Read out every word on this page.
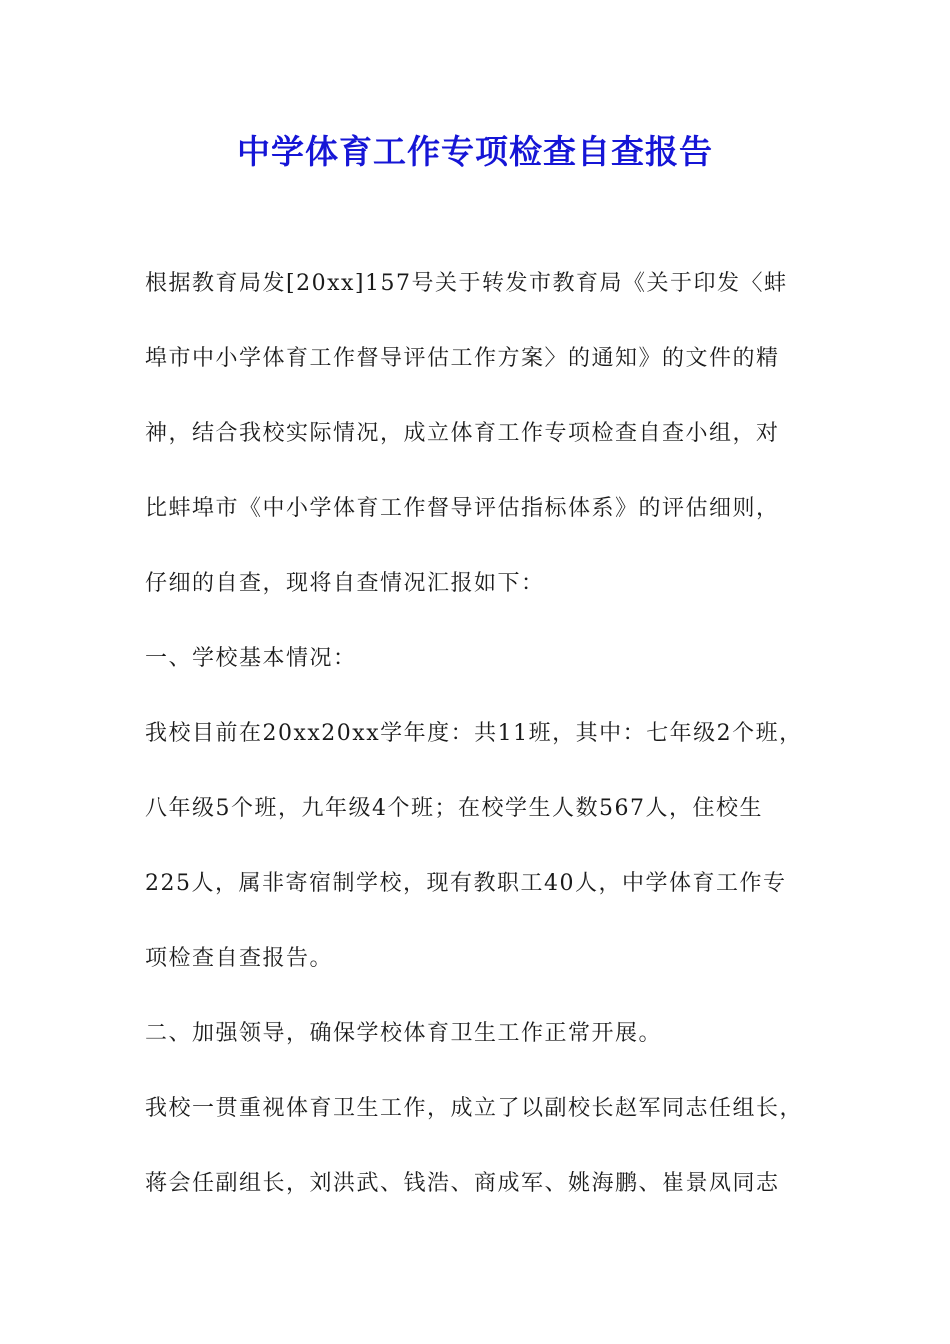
中学体育工作专项检查自查报告
根据教育局发[20xx]157号关于转发市教育局《关于印发〈蚌
埠市中小学体育工作督导评估工作方案〉的通知》的文件的精
神，结合我校实际情况，成立体育工作专项检查自查小组，对
比蚌埠市《中小学体育工作督导评估指标体系》的评估细则，
仔细的自查，现将自查情况汇报如下：
一、学校基本情况：
我校目前在20xx20xx学年度：共11班，其中：七年级2个班，
八年级5个班，九年级4个班；在校学生人数567人，住校生
225人，属非寄宿制学校，现有教职工40人，中学体育工作专
项检查自查报告。
二、加强领导，确保学校体育卫生工作正常开展。
我校一贯重视体育卫生工作，成立了以副校长赵军同志任组长，
蒋会任副组长，刘洪武、钱浩、商成军、姚海鹏、崔景凤同志
